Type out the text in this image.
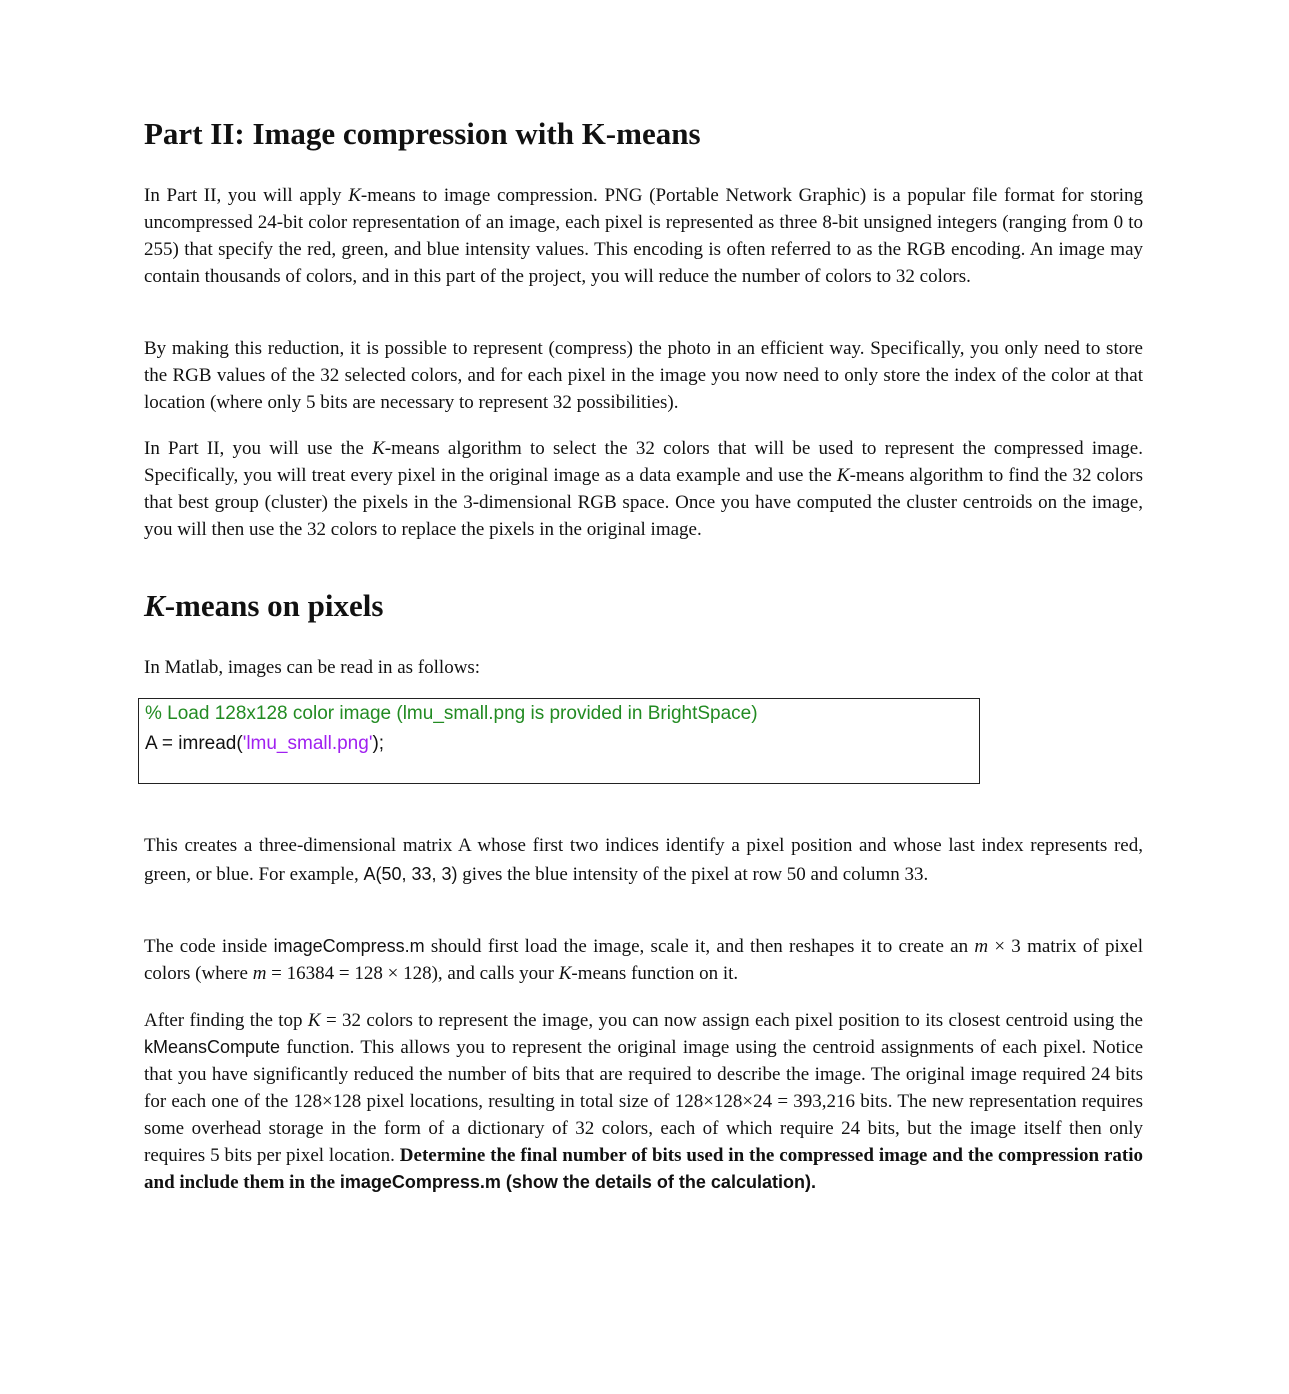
Part II: Image compression with K-means

In Part II, you will apply K-means to image compression. PNG (Portable Network Graphic) is a popular file format for storing uncompressed 24-bit color representation of an image, each pixel is represented as three 8-bit unsigned integers (ranging from 0 to 255) that specify the red, green, and blue intensity values. This encoding is often referred to as the RGB encoding. An image may contain thousands of colors, and in this part of the project, you will reduce the number of colors to 32 colors.

By making this reduction, it is possible to represent (compress) the photo in an efficient way. Specifically, you only need to store the RGB values of the 32 selected colors, and for each pixel in the image you now need to only store the index of the color at that location (where only 5 bits are necessary to represent 32 possibilities).

In Part II, you will use the K-means algorithm to select the 32 colors that will be used to represent the compressed image. Specifically, you will treat every pixel in the original image as a data example and use the K-means algorithm to find the 32 colors that best group (cluster) the pixels in the 3-dimensional RGB space. Once you have computed the cluster centroids on the image, you will then use the 32 colors to replace the pixels in the original image.

K-means on pixels

In Matlab, images can be read in as follows:

This creates a three-dimensional matrix A whose first two indices identify a pixel position and whose last index represents red, green, or blue. For example, A(50, 33, 3) gives the blue intensity of the pixel at row 50 and column 33.

The code inside imageCompress.m should first load the image, scale it, and then reshapes it to create an m × 3 matrix of pixel colors (where m = 16384 = 128 × 128), and calls your K-means function on it.

After finding the top K = 32 colors to represent the image, you can now assign each pixel position to its closest centroid using the kMeansCompute function. This allows you to represent the original image using the centroid assignments of each pixel. Notice that you have significantly reduced the number of bits that are required to describe the image. The original image required 24 bits for each one of the 128×128 pixel locations, resulting in total size of 128×128×24 = 393,216 bits. The new representation requires some overhead storage in the form of a dictionary of 32 colors, each of which require 24 bits, but the image itself then only requires 5 bits per pixel location. Determine the final number of bits used in the compressed image and the compression ratio and include them in the imageCompress.m (show the details of the calculation).

% Load 128x128 color image (lmu_small.png is provided in BrightSpace)
A = imread('lmu_small.png');
